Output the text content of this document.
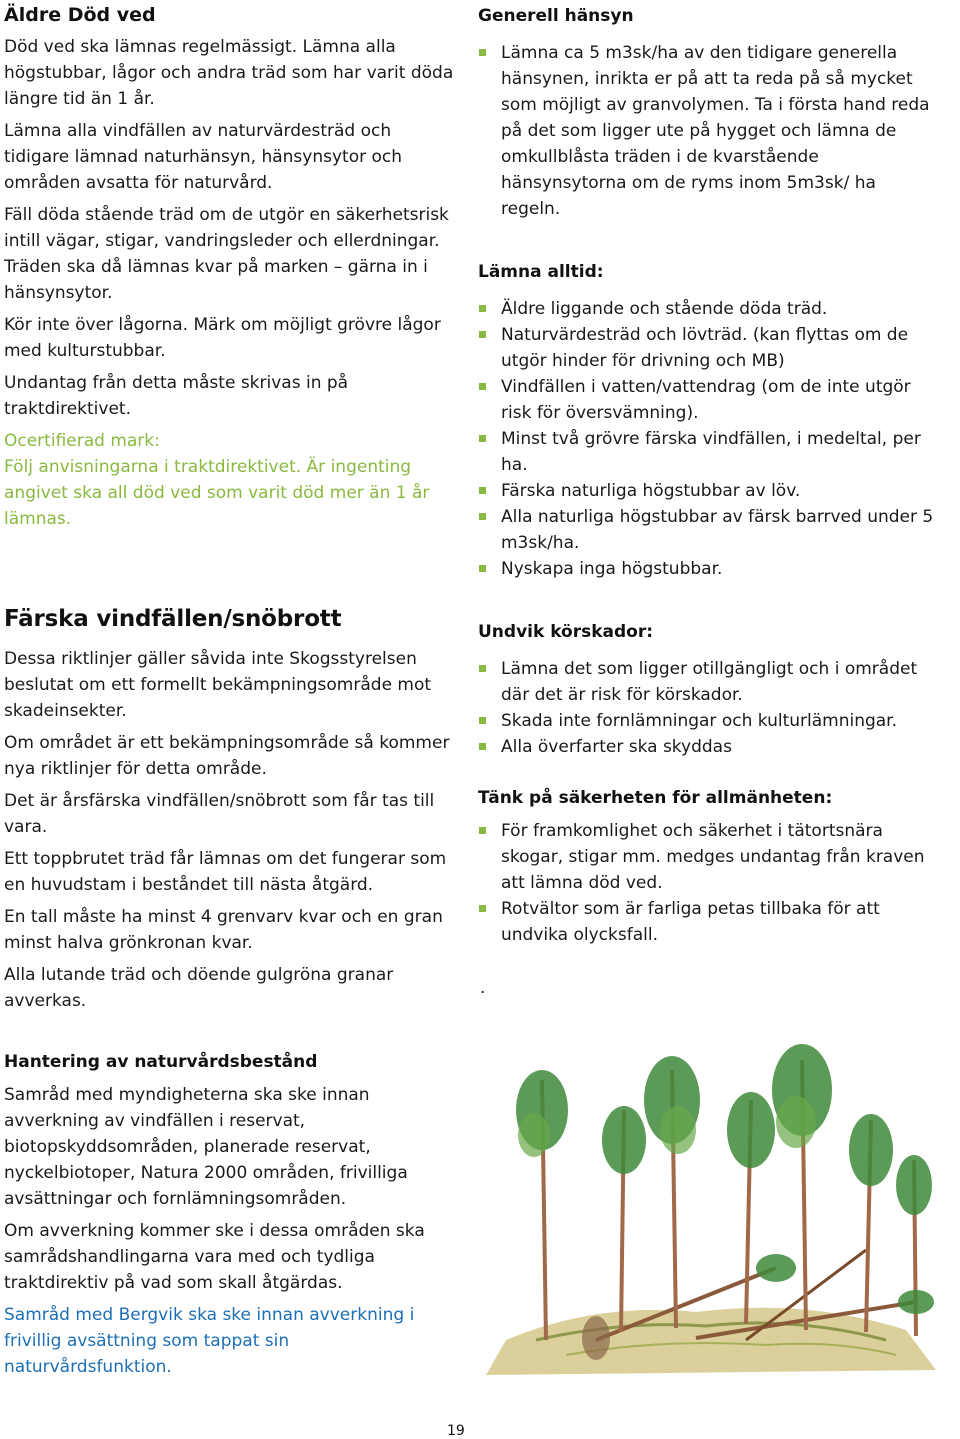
Äldre Död ved

Död ved ska lämnas regelmässigt. Lämna alla högstubbar, lågor och andra träd som har varit döda längre tid än 1 år.

Lämna alla vindfällen av naturvärdesträd och tidigare lämnad naturhänsyn, hänsynsytor och områden avsatta för naturvård.

Fäll döda stående träd om de utgör en säkerhetsrisk intill vägar, stigar, vandringsleder och ellerdningar. Träden ska då lämnas kvar på marken – gärna in i hänsynsytor.

Kör inte över lågorna. Märk om möjligt grövre lågor med kulturstubbar.

Undantag från detta måste skrivas in på traktdirektivet.

Ocertifierad mark:

Följ anvisningarna i traktdirektivet. Är ingenting angivet ska all död ved som varit död mer än 1 år lämnas.

Färska vindfällen/snöbrott

Dessa riktlinjer gäller såvida inte Skogsstyrelsen beslutat om ett formellt bekämpningsområde mot skadeinsekter.

Om området är ett bekämpningsområde så kommer nya riktlinjer för detta område.

Det är årsfärska vindfällen/snöbrott som får tas till vara.

Ett toppbrutet träd får lämnas om det fungerar som en huvudstam i beståndet till nästa åtgärd.

En tall måste ha minst 4 grenvarv kvar och en gran minst halva grönkronan kvar.

Alla lutande träd och döende gulgröna granar avverkas.

Hantering av naturvårdsbestånd

Samråd med myndigheterna ska ske innan avverkning av vindfällen i reservat, biotopskyddsområden, planerade reservat, nyckelbiotoper, Natura 2000 områden, frivilliga avsättningar och fornlämningsområden.

Om avverkning kommer ske i dessa områden ska samrådshandlingarna vara med och tydliga traktdirektiv på vad som skall åtgärdas.

Samråd med Bergvik ska ske innan avverkning i frivillig avsättning som tappat sin naturvårdsfunktion.

Generell hänsyn
Lämna ca 5 m3sk/ha av den tidigare generella hänsynen, inrikta er på att ta reda på så mycket som möjligt av granvolymen. Ta i första hand reda på det som ligger ute på hygget och lämna de omkullblåsta träden i de kvarstående hänsynsytorna om de ryms inom 5m3sk/ ha regeln.
Lämna alltid:
Äldre liggande och stående döda träd.
Naturvärdesträd och lövträd. (kan flyttas om de utgör hinder för drivning och MB)
Vindfällen i vatten/vattendrag (om de inte utgör risk för översvämning).
Minst två grövre färska vindfällen, i medeltal, per ha.
Färska naturliga högstubbar av löv.
Alla naturliga högstubbar av färsk barrved under 5 m3sk/ha.
Nyskapa inga högstubbar.
Undvik körskador:
Lämna det som ligger otillgängligt och i området där det är risk för körskador.
Skada inte fornlämningar och kulturlämningar.
Alla överfarter ska skyddas
Tänk på säkerheten för allmänheten:
För framkomlighet och säkerhet i tätortsnära skogar, stigar mm. medges undantag från kraven att lämna död ved.
Rotvältor som är farliga petas tillbaka för att undvika olycksfall.
.
19
